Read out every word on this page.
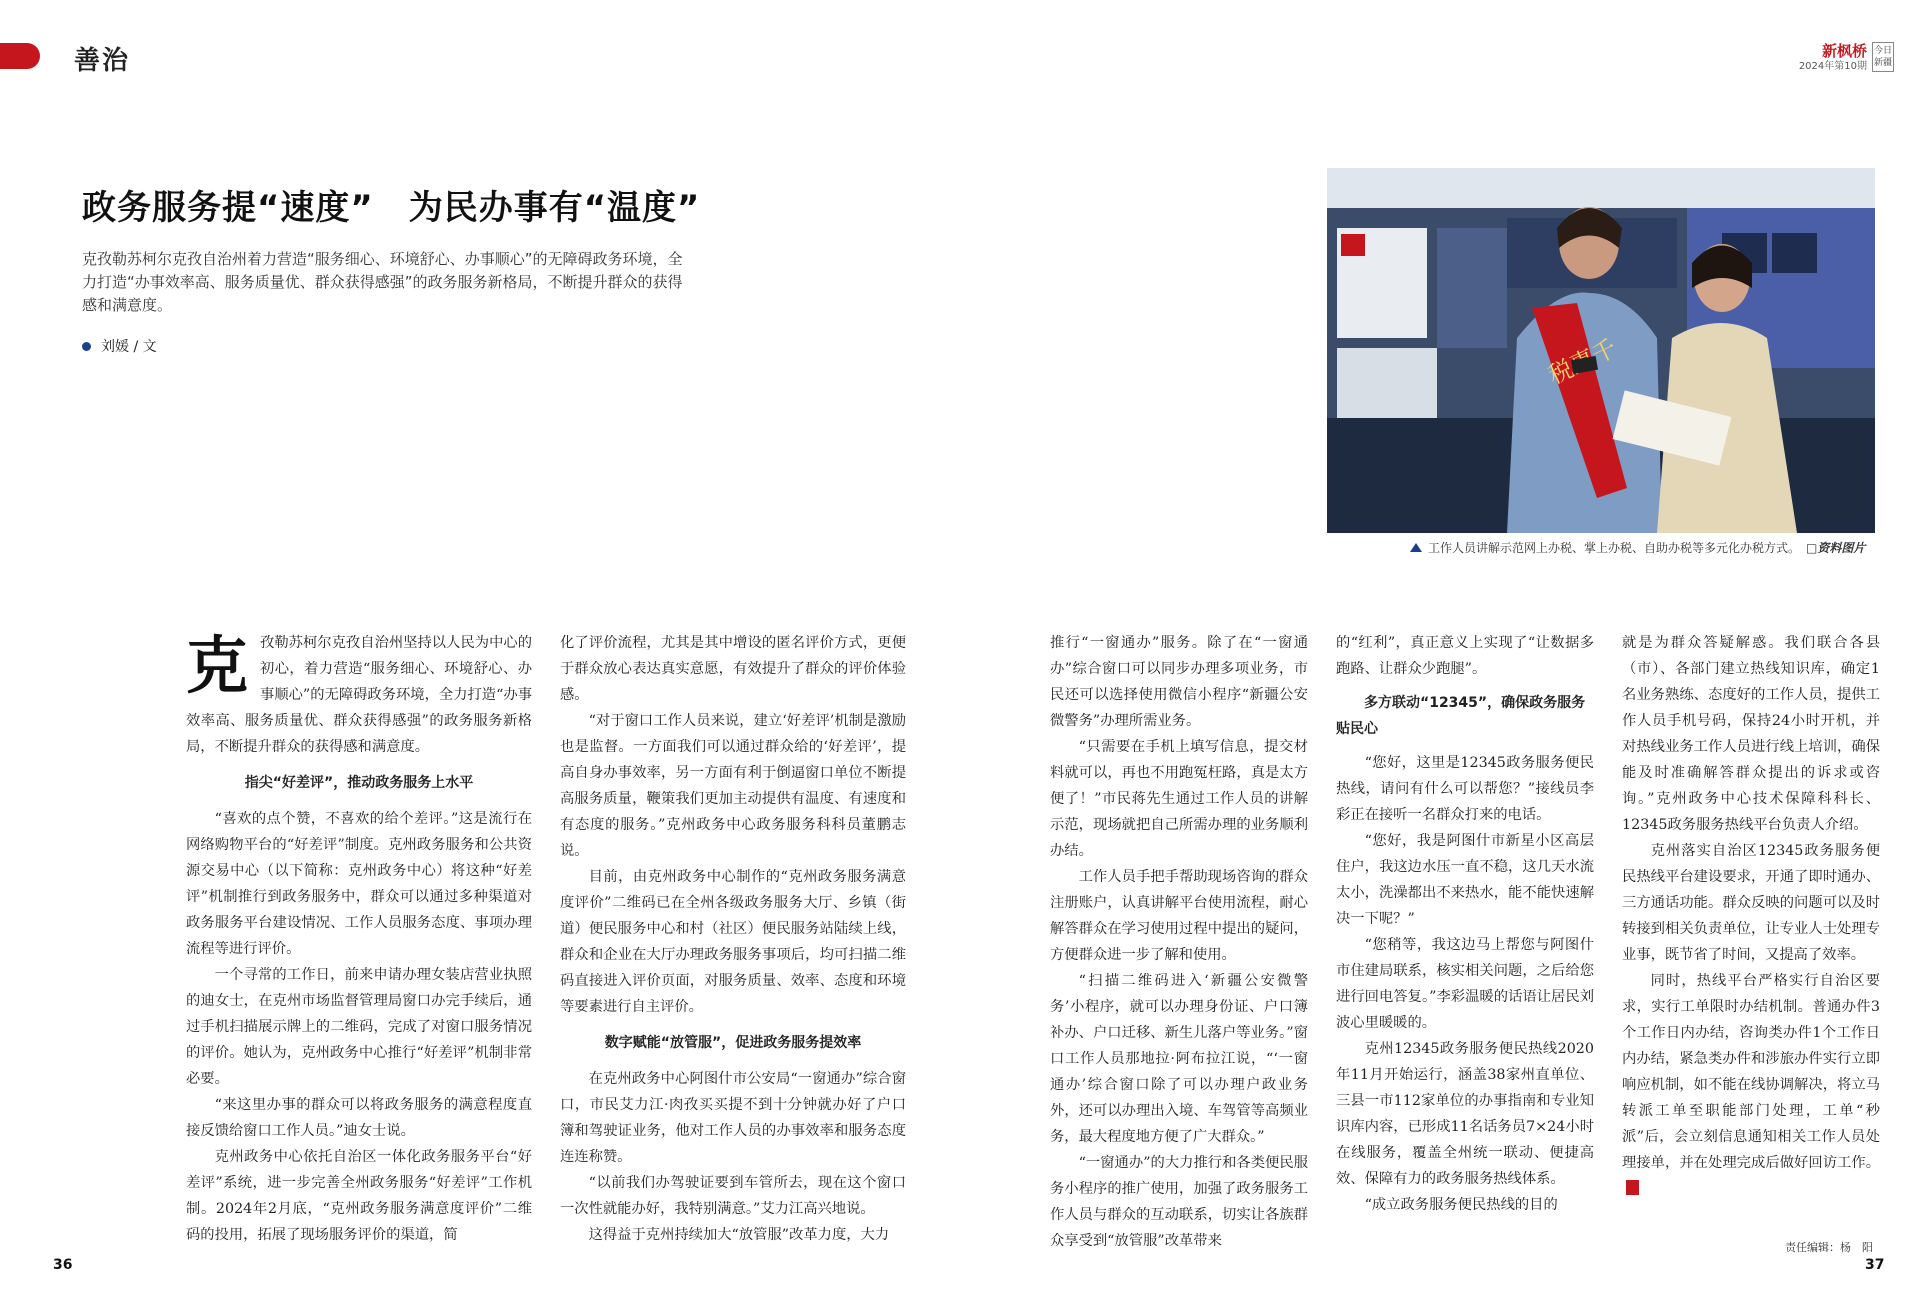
善治	新枫桥
2024年第10期
今日新疆
政务服务提“速度”　为民办事有“温度”

克孜勒苏柯尔克孜自治州着力营造“服务细心、环境舒心、办事顺心”的无障碍政务环境，全力打造“办事效率高、服务质量优、群众获得感强”的政务服务新格局，不断提升群众的获得感和满意度。

刘媛 / 文
工作人员讲解示范网上办税、掌上办税、自助办税等多元化办税方式。 □资料图片

克孜勒苏柯尔克孜自治州坚持以人民为中心的初心，着力营造“服务细心、环境舒心、办事顺心”的无障碍政务环境，全力打造“办事效率高、服务质量优、群众获得感强”的政务服务新格局，不断提升群众的获得感和满意度。

指尖“好差评”，推动政务服务上水平

“喜欢的点个赞，不喜欢的给个差评。”这是流行在网络购物平台的“好差评”制度。克州政务服务和公共资源交易中心（以下简称：克州政务中心）将这种“好差评”机制推行到政务服务中，群众可以通过多种渠道对政务服务平台建设情况、工作人员服务态度、事项办理流程等进行评价。

一个寻常的工作日，前来申请办理女装店营业执照的迪女士，在克州市场监督管理局窗口办完手续后，通过手机扫描展示牌上的二维码，完成了对窗口服务情况的评价。她认为，克州政务中心推行“好差评”机制非常必要。

“来这里办事的群众可以将政务服务的满意程度直接反馈给窗口工作人员。”迪女士说。

克州政务中心依托自治区一体化政务服务平台“好差评”系统，进一步完善全州政务服务“好差评”工作机制。2024年2月底，“克州政务服务满意度评价”二维码的投用，拓展了现场服务评价的渠道，简

化了评价流程，尤其是其中增设的匿名评价方式，更便于群众放心表达真实意愿，有效提升了群众的评价体验感。

“对于窗口工作人员来说，建立‘好差评’机制是激励也是监督。一方面我们可以通过群众给的‘好差评’，提高自身办事效率，另一方面有利于倒逼窗口单位不断提高服务质量，鞭策我们更加主动提供有温度、有速度和有态度的服务。”克州政务中心政务服务科科员董鹏志说。

目前，由克州政务中心制作的“克州政务服务满意度评价”二维码已在全州各级政务服务大厅、乡镇（街道）便民服务中心和村（社区）便民服务站陆续上线，群众和企业在大厅办理政务服务事项后，均可扫描二维码直接进入评价页面，对服务质量、效率、态度和环境等要素进行自主评价。

数字赋能“放管服”，促进政务服务提效率

在克州政务中心阿图什市公安局“一窗通办”综合窗口，市民艾力江·肉孜买买提不到十分钟就办好了户口簿和驾驶证业务，他对工作人员的办事效率和服务态度连连称赞。

“以前我们办驾驶证要到车管所去，现在这个窗口一次性就能办好，我特别满意。”艾力江高兴地说。

这得益于克州持续加大“放管服”改革力度，大力

推行“一窗通办”服务。除了在“一窗通办”综合窗口可以同步办理多项业务，市民还可以选择使用微信小程序“新疆公安微警务”办理所需业务。

“只需要在手机上填写信息，提交材料就可以，再也不用跑冤枉路，真是太方便了！”市民蒋先生通过工作人员的讲解示范，现场就把自己所需办理的业务顺利办结。

工作人员手把手帮助现场咨询的群众注册账户，认真讲解平台使用流程，耐心解答群众在学习使用过程中提出的疑问，方便群众进一步了解和使用。

“扫描二维码进入‘新疆公安微警务’小程序，就可以办理身份证、户口簿补办、户口迁移、新生儿落户等业务。”窗口工作人员那地拉·阿布拉江说，“‘一窗通办’综合窗口除了可以办理户政业务外，还可以办理出入境、车驾管等高频业务，最大程度地方便了广大群众。”

“一窗通办”的大力推行和各类便民服务小程序的推广使用，加强了政务服务工作人员与群众的互动联系，切实让各族群众享受到“放管服”改革带来

的“红利”，真正意义上实现了“让数据多跑路、让群众少跑腿”。

多方联动“12345”，确保政务服务贴民心

“您好，这里是12345政务服务便民热线，请问有什么可以帮您？”接线员李彩正在接听一名群众打来的电话。

“您好，我是阿图什市新星小区高层住户，我这边水压一直不稳，这几天水流太小，洗澡都出不来热水，能不能快速解决一下呢？”

“您稍等，我这边马上帮您与阿图什市住建局联系，核实相关问题，之后给您进行回电答复。”李彩温暖的话语让居民刘波心里暖暖的。

克州12345政务服务便民热线2020年11月开始运行，涵盖38家州直单位、三县一市112家单位的办事指南和专业知识库内容，已形成11名话务员7×24小时在线服务，覆盖全州统一联动、便捷高效、保障有力的政务服务热线体系。

“成立政务服务便民热线的目的

就是为群众答疑解惑。我们联合各县（市）、各部门建立热线知识库，确定1名业务熟练、态度好的工作人员，提供工作人员手机号码，保持24小时开机，并对热线业务工作人员进行线上培训，确保能及时准确解答群众提出的诉求或咨询。”克州政务中心技术保障科科长、12345政务服务热线平台负责人介绍。

克州落实自治区12345政务服务便民热线平台建设要求，开通了即时通办、三方通话功能。群众反映的问题可以及时转接到相关负责单位，让专业人士处理专业事，既节省了时间，又提高了效率。

同时，热线平台严格实行自治区要求，实行工单限时办结机制。普通办件3个工作日内办结，咨询类办件1个工作日内办结，紧急类办件和涉旅办件实行立即响应机制，如不能在线协调解决，将立马转派工单至职能部门处理，工单“秒派”后，会立刻信息通知相关工作人员处理接单，并在处理完成后做好回访工作。

36
责任编辑：杨　阳
37
